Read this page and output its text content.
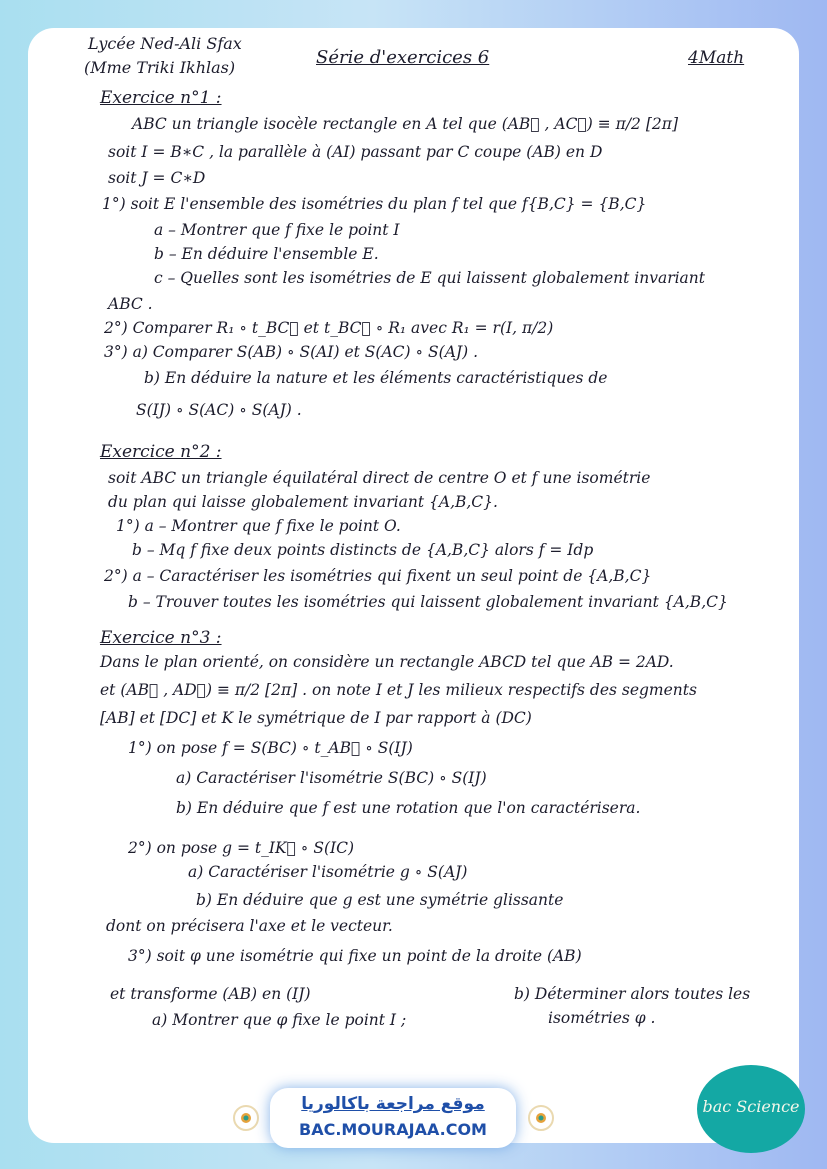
Lycée Ned-Ali Sfax
(Mme Triki Ikhlas)	Série d'exercices 6	4Math
Exercice n°1 :
ABC un triangle isocèle rectangle en A tel que (AB⃗ , AC⃗) ≡ π/2 [2π]
soit I = B∗C , la parallèle à (AI) passant par C coupe (AB) en D
soit J = C∗D
1°) soit E l'ensemble des isométries du plan f tel que f{B,C} = {B,C}
a – Montrer que f fixe le point I
b – En déduire l'ensemble E.
c – Quelles sont les isométries de E qui laissent globalement invariant
ABC .
2°) Comparer R₁ ∘ t_BC⃗ et t_BC⃗ ∘ R₁ avec R₁ = r(I, π/2)
3°) a) Comparer S(AB) ∘ S(AI) et S(AC) ∘ S(AJ) .
b) En déduire la nature et les éléments caractéristiques de
S(IJ) ∘ S(AC) ∘ S(AJ) .
Exercice n°2 :
soit ABC un triangle équilatéral direct de centre O et f une isométrie
du plan qui laisse globalement invariant {A,B,C}.
1°) a – Montrer que f fixe le point O.
b – Mq f fixe deux points distincts de {A,B,C} alors f = Idp
2°) a – Caractériser les isométries qui fixent un seul point de {A,B,C}
b – Trouver toutes les isométries qui laissent globalement invariant {A,B,C}
Exercice n°3 :
Dans le plan orienté, on considère un rectangle ABCD tel que AB = 2AD.
et (AB⃗ , AD⃗) ≡ π/2 [2π] . on note I et J les milieux respectifs des segments
[AB] et [DC] et K le symétrique de I par rapport à (DC)
1°) on pose f = S(BC) ∘ t_AB⃗ ∘ S(IJ)
a) Caractériser l'isométrie S(BC) ∘ S(IJ)
b) En déduire que f est une rotation que l'on caractérisera.
2°) on pose g = t_IK⃗ ∘ S(IC)
a) Caractériser l'isométrie g ∘ S(AJ)
b) En déduire que g est une symétrie glissante
dont on précisera l'axe et le vecteur.
3°) soit φ une isométrie qui fixe un point de la droite (AB)
et transforme (AB) en (IJ)
a) Montrer que φ fixe le point I ;
b) Déterminer alors toutes les
isométries φ .
موقع مراجعة باكالوريا
BAC.MOURAJAA.COM
bac Science
